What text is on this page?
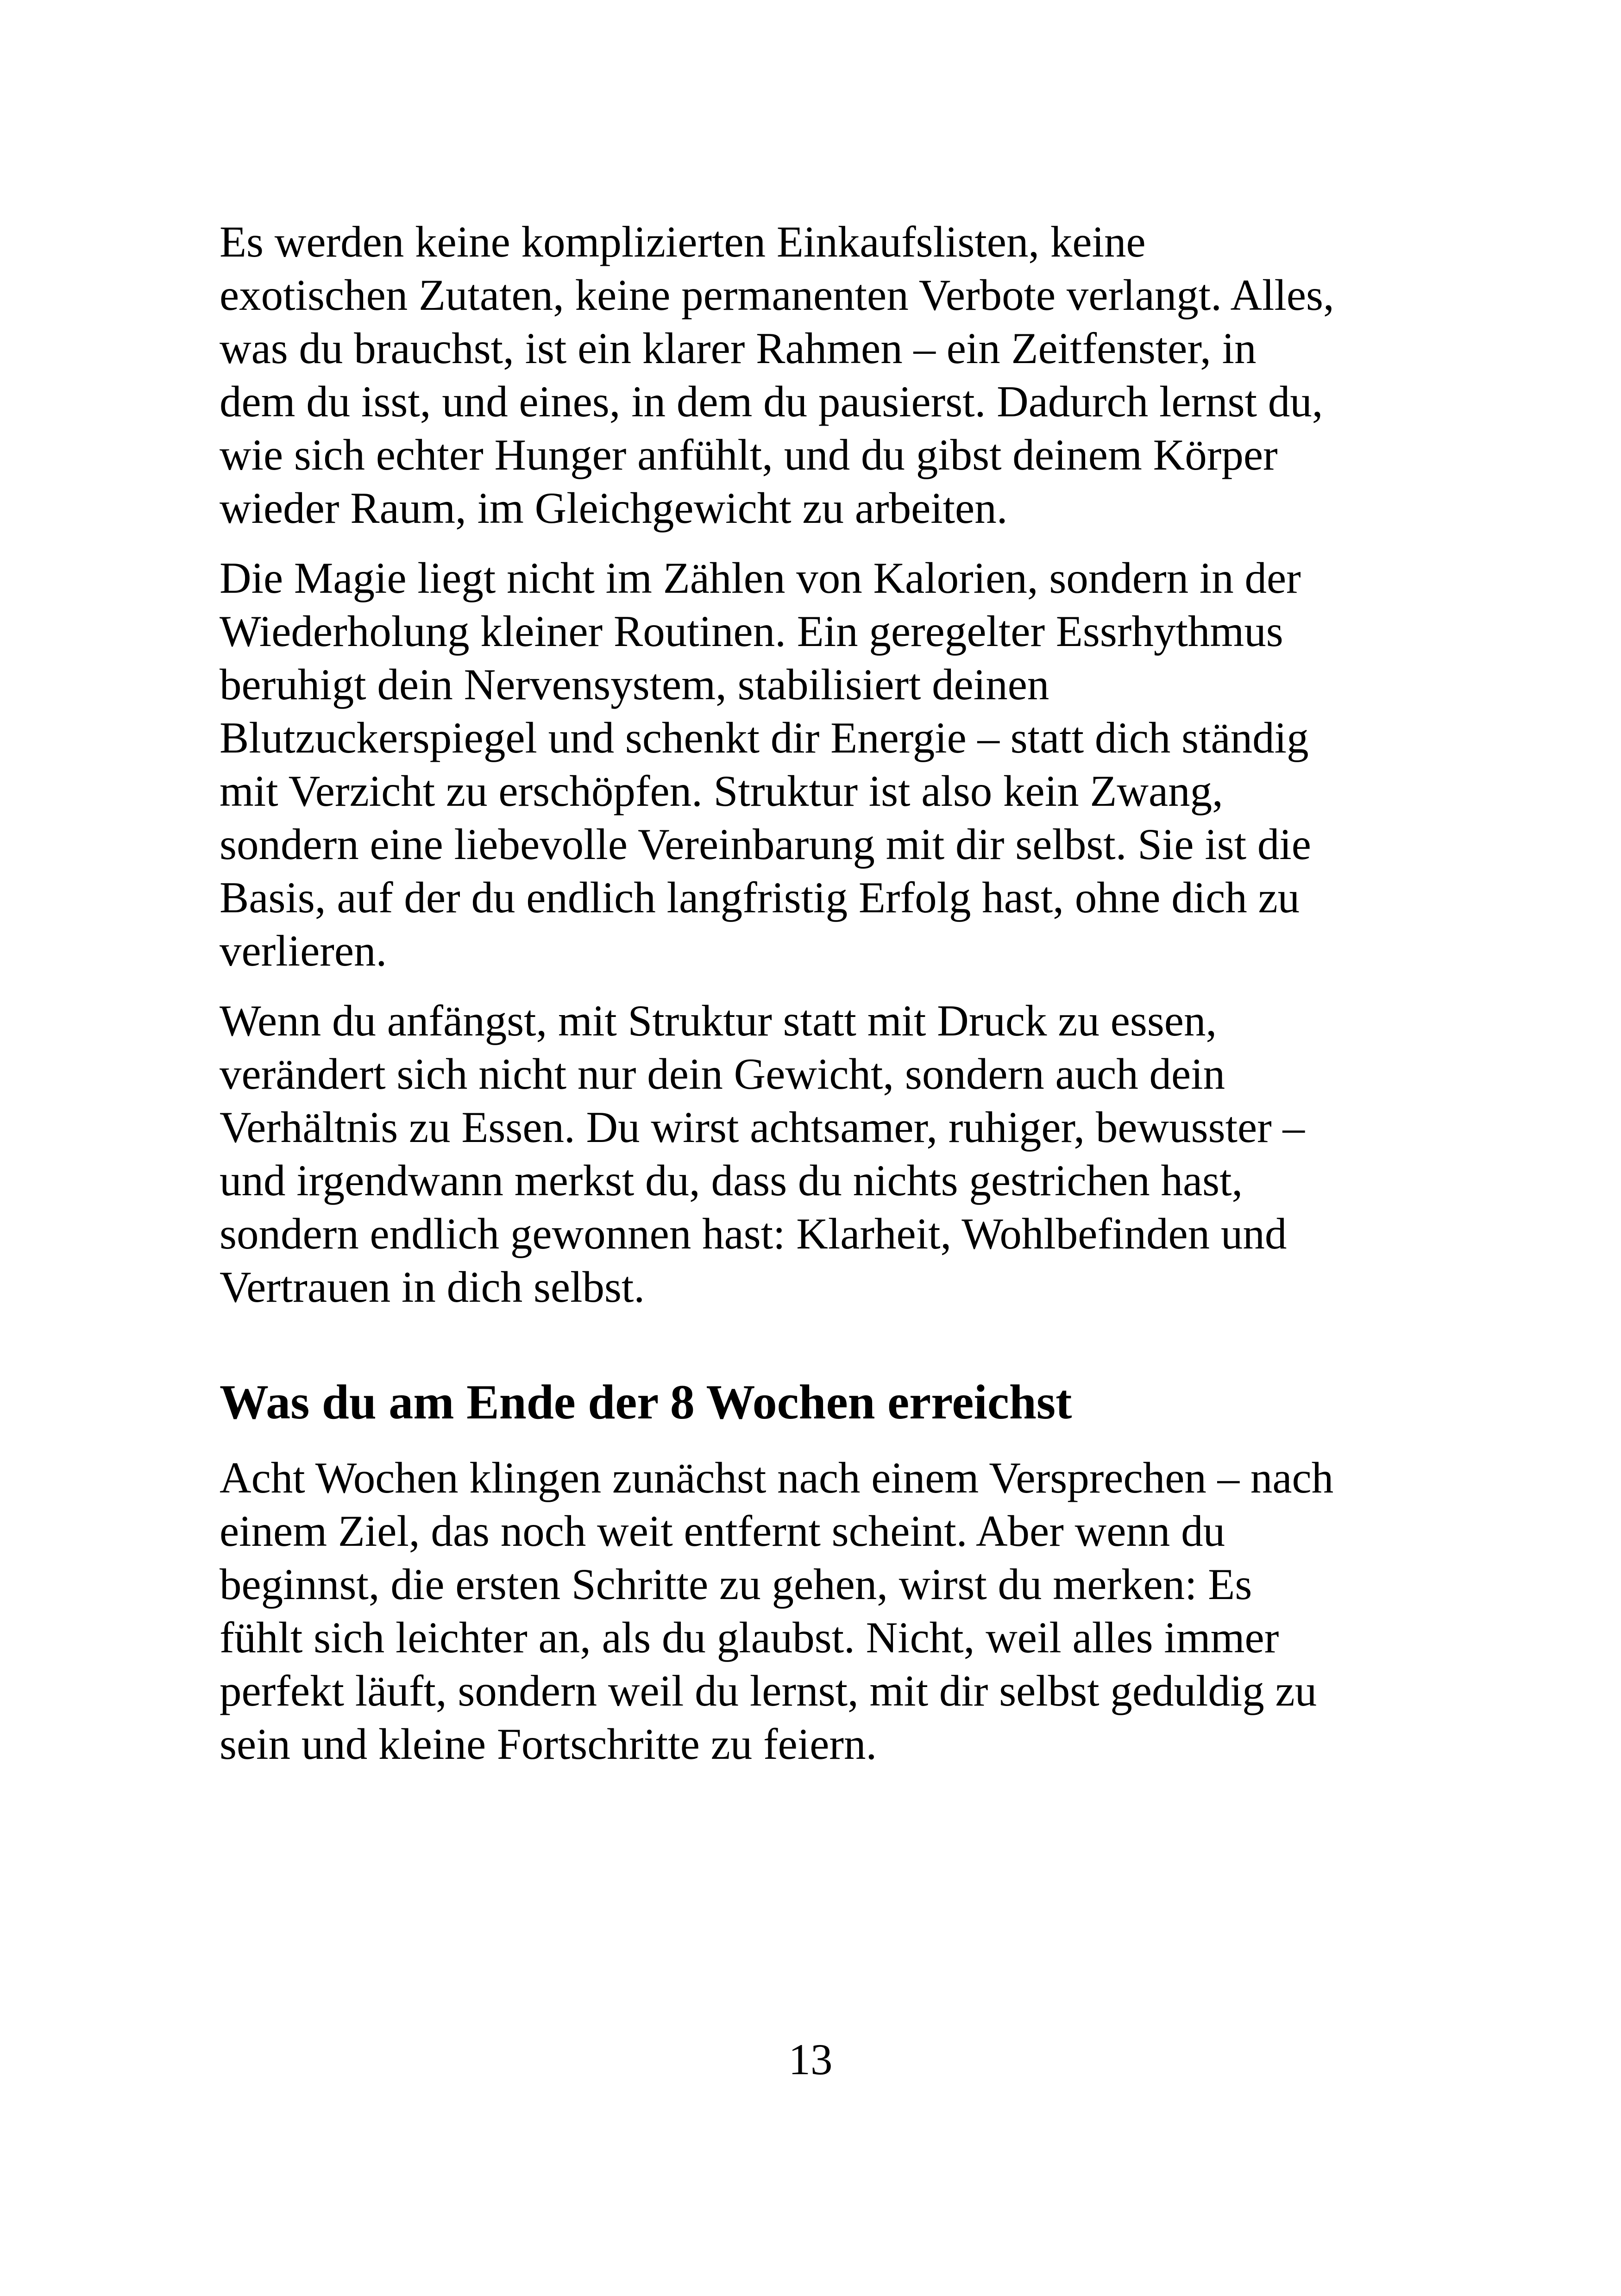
Es werden keine komplizierten Einkaufslisten, keine
exotischen Zutaten, keine permanenten Verbote verlangt. Alles,
was du brauchst, ist ein klarer Rahmen – ein Zeitfenster, in
dem du isst, und eines, in dem du pausierst. Dadurch lernst du,
wie sich echter Hunger anfühlt, und du gibst deinem Körper
wieder Raum, im Gleichgewicht zu arbeiten.

Die Magie liegt nicht im Zählen von Kalorien, sondern in der
Wiederholung kleiner Routinen. Ein geregelter Essrhythmus
beruhigt dein Nervensystem, stabilisiert deinen
Blutzuckerspiegel und schenkt dir Energie – statt dich ständig
mit Verzicht zu erschöpfen. Struktur ist also kein Zwang,
sondern eine liebevolle Vereinbarung mit dir selbst. Sie ist die
Basis, auf der du endlich langfristig Erfolg hast, ohne dich zu
verlieren.

Wenn du anfängst, mit Struktur statt mit Druck zu essen,
verändert sich nicht nur dein Gewicht, sondern auch dein
Verhältnis zu Essen. Du wirst achtsamer, ruhiger, bewusster –
und irgendwann merkst du, dass du nichts gestrichen hast,
sondern endlich gewonnen hast: Klarheit, Wohlbefinden und
Vertrauen in dich selbst.

Was du am Ende der 8 Wochen erreichst

Acht Wochen klingen zunächst nach einem Versprechen – nach
einem Ziel, das noch weit entfernt scheint. Aber wenn du
beginnst, die ersten Schritte zu gehen, wirst du merken: Es
fühlt sich leichter an, als du glaubst. Nicht, weil alles immer
perfekt läuft, sondern weil du lernst, mit dir selbst geduldig zu
sein und kleine Fortschritte zu feiern.

13
